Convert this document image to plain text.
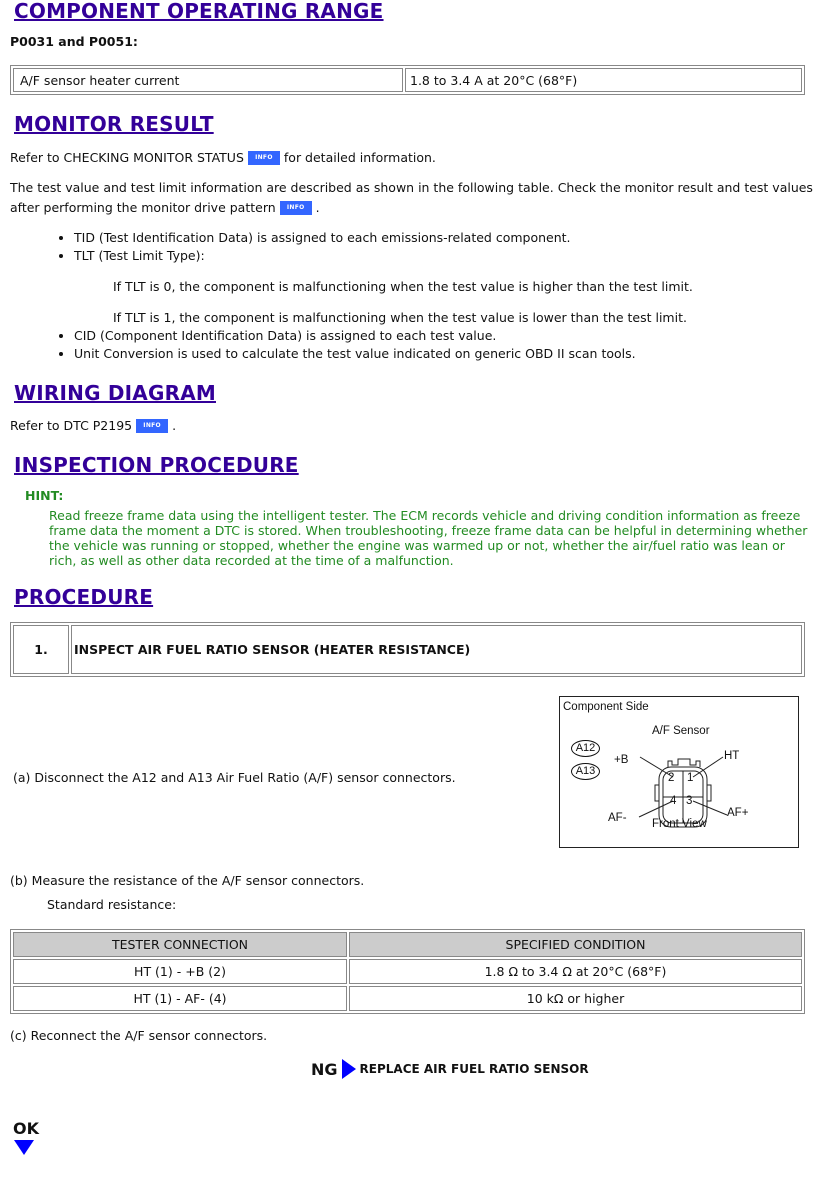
COMPONENT OPERATING RANGE
P0031 and P0051:
A/F sensor heater current	1.8 to 3.4 A at 20°C (68°F)
MONITOR RESULT
Refer to CHECKING MONITOR STATUS INFO for detailed information.
The test value and test limit information are described as shown in the following table. Check the monitor result and test values
after performing the monitor drive pattern INFO .
• TID (Test Identification Data) is assigned to each emissions-related component.
• TLT (Test Limit Type):
If TLT is 0, the component is malfunctioning when the test value is higher than the test limit.
If TLT is 1, the component is malfunctioning when the test value is lower than the test limit.
• CID (Component Identification Data) is assigned to each test value.
• Unit Conversion is used to calculate the test value indicated on generic OBD II scan tools.
WIRING DIAGRAM
Refer to DTC P2195 INFO .
INSPECTION PROCEDURE
HINT:
Read freeze frame data using the intelligent tester. The ECM records vehicle and driving condition information as freeze frame data the moment a DTC is stored. When troubleshooting, freeze frame data can be helpful in determining whether the vehicle was running or stopped, whether the engine was warmed up or not, whether the air/fuel ratio was lean or rich, as well as other data recorded at the time of a malfunction.
PROCEDURE
1.	INSPECT AIR FUEL RATIO SENSOR (HEATER RESISTANCE)
(a) Disconnect the A12 and A13 Air Fuel Ratio (A/F) sensor connectors.
Component Side
A/F Sensor
A12
A13
2 1
4 3
+B	HT
AF-	AF+
Front View
(b) Measure the resistance of the A/F sensor connectors.
Standard resistance:
TESTER CONNECTION	SPECIFIED CONDITION
HT (1) - +B (2)	1.8 Ω to 3.4 Ω at 20°C (68°F)
HT (1) - AF- (4)	10 kΩ or higher
(c) Reconnect the A/F sensor connectors.
NG REPLACE AIR FUEL RATIO SENSOR
OK
